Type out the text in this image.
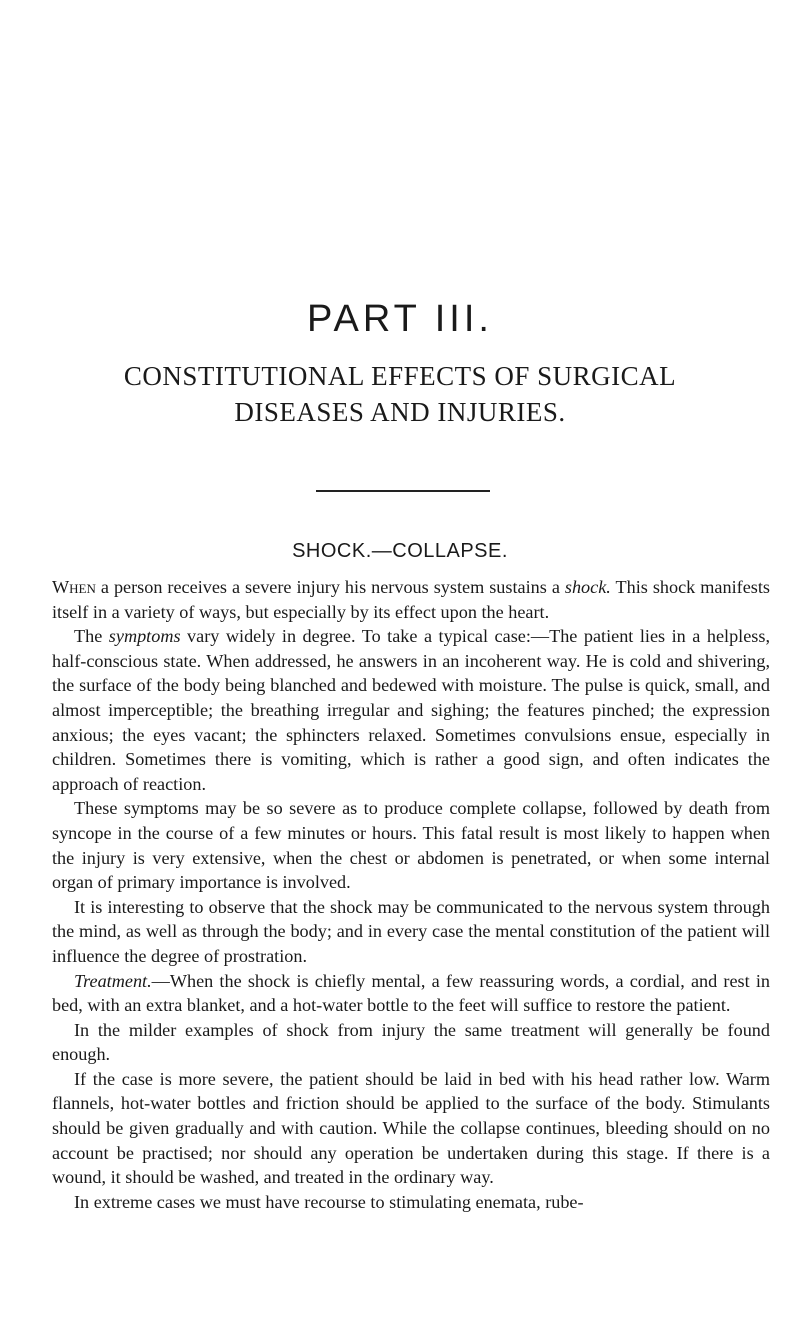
PART III.
CONSTITUTIONAL EFFECTS OF SURGICAL
DISEASES AND INJURIES.
SHOCK.—COLLAPSE.

When a person receives a severe injury his nervous system sustains a shock. This shock manifests itself in a variety of ways, but especially by its effect upon the heart.

The symptoms vary widely in degree. To take a typical case:—The patient lies in a helpless, half-conscious state. When addressed, he answers in an incoherent way. He is cold and shivering, the surface of the body being blanched and bedewed with moisture. The pulse is quick, small, and almost imperceptible; the breathing irregular and sighing; the features pinched; the expression anxious; the eyes vacant; the sphincters relaxed. Sometimes convulsions ensue, especially in children. Sometimes there is vomiting, which is rather a good sign, and often indicates the approach of reaction.

These symptoms may be so severe as to produce complete collapse, followed by death from syncope in the course of a few minutes or hours. This fatal result is most likely to happen when the injury is very extensive, when the chest or abdomen is penetrated, or when some internal organ of primary importance is involved.

It is interesting to observe that the shock may be communicated to the nervous system through the mind, as well as through the body; and in every case the mental constitution of the patient will influence the degree of prostration.

Treatment.—When the shock is chiefly mental, a few reassuring words, a cordial, and rest in bed, with an extra blanket, and a hot-water bottle to the feet will suffice to restore the patient.

In the milder examples of shock from injury the same treatment will generally be found enough.

If the case is more severe, the patient should be laid in bed with his head rather low. Warm flannels, hot-water bottles and friction should be applied to the surface of the body. Stimulants should be given gradually and with caution. While the collapse continues, bleeding should on no account be practised; nor should any operation be undertaken during this stage. If there is a wound, it should be washed, and treated in the ordinary way.

In extreme cases we must have recourse to stimulating enemata, rube-
